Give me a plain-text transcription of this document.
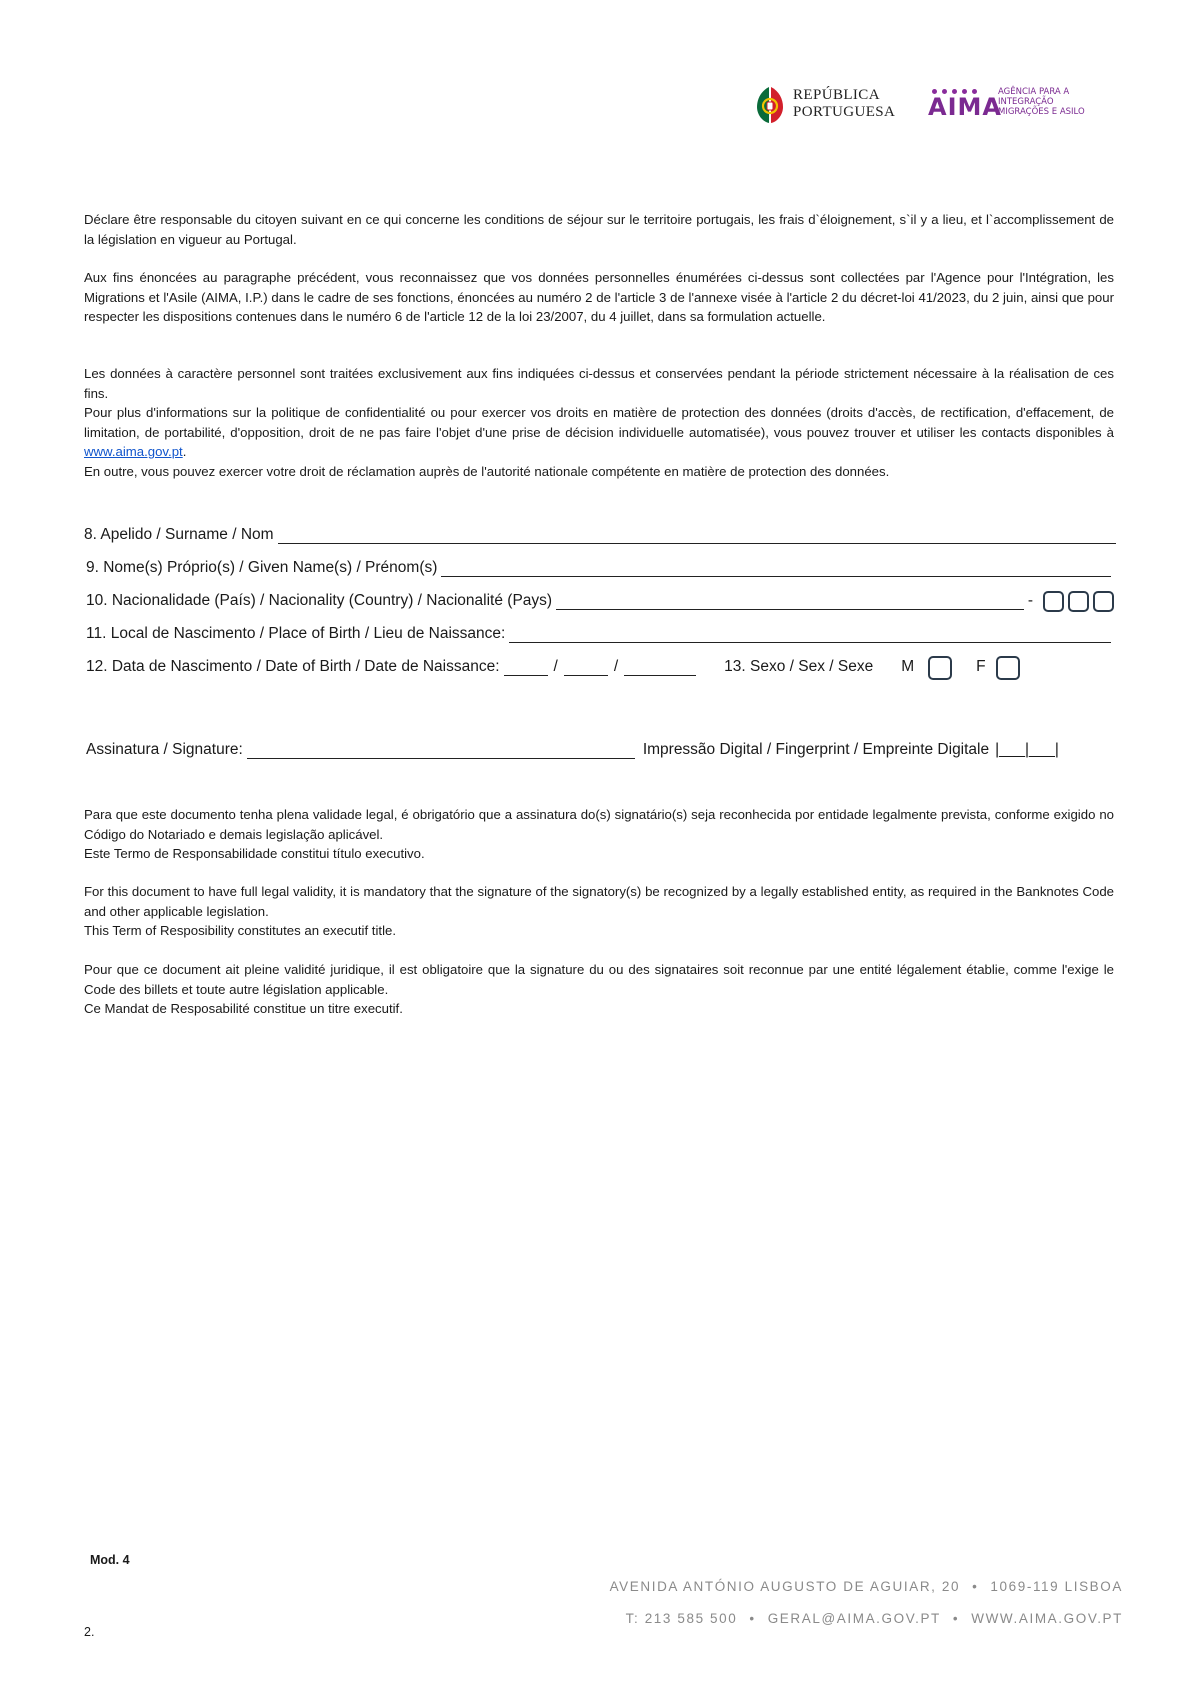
REPÚBLICA
PORTUGUESA AIMA
AGÊNCIA PARA A
INTEGRAÇÃO
MIGRAÇÕES E ASILO

Déclare être responsable du citoyen suivant en ce qui concerne les conditions de séjour sur le territoire portugais, les frais d`éloignement, s`il y a lieu, et l`accomplissement de la législation en vigueur au Portugal.

Aux fins énoncées au paragraphe précédent, vous reconnaissez que vos données personnelles énumérées ci-dessus sont collectées par l'Agence pour l'Intégration, les Migrations et l'Asile (AIMA, I.P.) dans le cadre de ses fonctions, énoncées au numéro 2 de l'article 3 de l'annexe visée à l'article 2 du décret-loi 41/2023, du 2 juin, ainsi que pour respecter les dispositions contenues dans le numéro 6 de l'article 12 de la loi 23/2007, du 4 juillet, dans sa formulation actuelle.

Les données à caractère personnel sont traitées exclusivement aux fins indiquées ci-dessus et conservées pendant la période strictement nécessaire à la réalisation de ces fins.

Pour plus d'informations sur la politique de confidentialité ou pour exercer vos droits en matière de protection des données (droits d'accès, de rectification, d'effacement, de limitation, de portabilité, d'opposition, droit de ne pas faire l'objet d'une prise de décision individuelle automatisée), vous pouvez trouver et utiliser les contacts disponibles à www.aima.gov.pt.

En outre, vous pouvez exercer votre droit de réclamation auprès de l'autorité nationale compétente en matière de protection des données.

8. Apelido / Surname / Nom
9. Nome(s) Próprio(s) / Given Name(s) / Prénom(s)
10. Nacionalidade (País) / Nacionality (Country) / Nacionalité (Pays)	-
11. Local de Nascimento / Place of Birth / Lieu de Naissance:
12. Data de Nascimento / Date of Birth / Date de Naissance:	/	/	13. Sexo / Sex / Sexe M	F
Assinatura / Signature:	Impressão Digital / Fingerprint / Empreinte Digitale |___|___|

Para que este documento tenha plena validade legal, é obrigatório que a assinatura do(s) signatário(s) seja reconhecida por entidade legalmente prevista, conforme exigido no Código do Notariado e demais legislação aplicável.

Este Termo de Responsabilidade constitui título executivo.

For this document to have full legal validity, it is mandatory that the signature of the signatory(s) be recognized by a legally established entity, as required in the Banknotes Code and other applicable legislation.

This Term of Resposibility constitutes an executif title.

Pour que ce document ait pleine validité juridique, il est obligatoire que la signature du ou des signataires soit reconnue par une entité légalement établie, comme l'exige le Code des billets et toute autre législation applicable.

Ce Mandat de Resposabilité constitue un titre executif.

Mod. 4
2.
AVENIDA ANTÓNIO AUGUSTO DE AGUIAR, 20 • 1069-119 LISBOA
T: 213 585 500 • GERAL@AIMA.GOV.PT • WWW.AIMA.GOV.PT
